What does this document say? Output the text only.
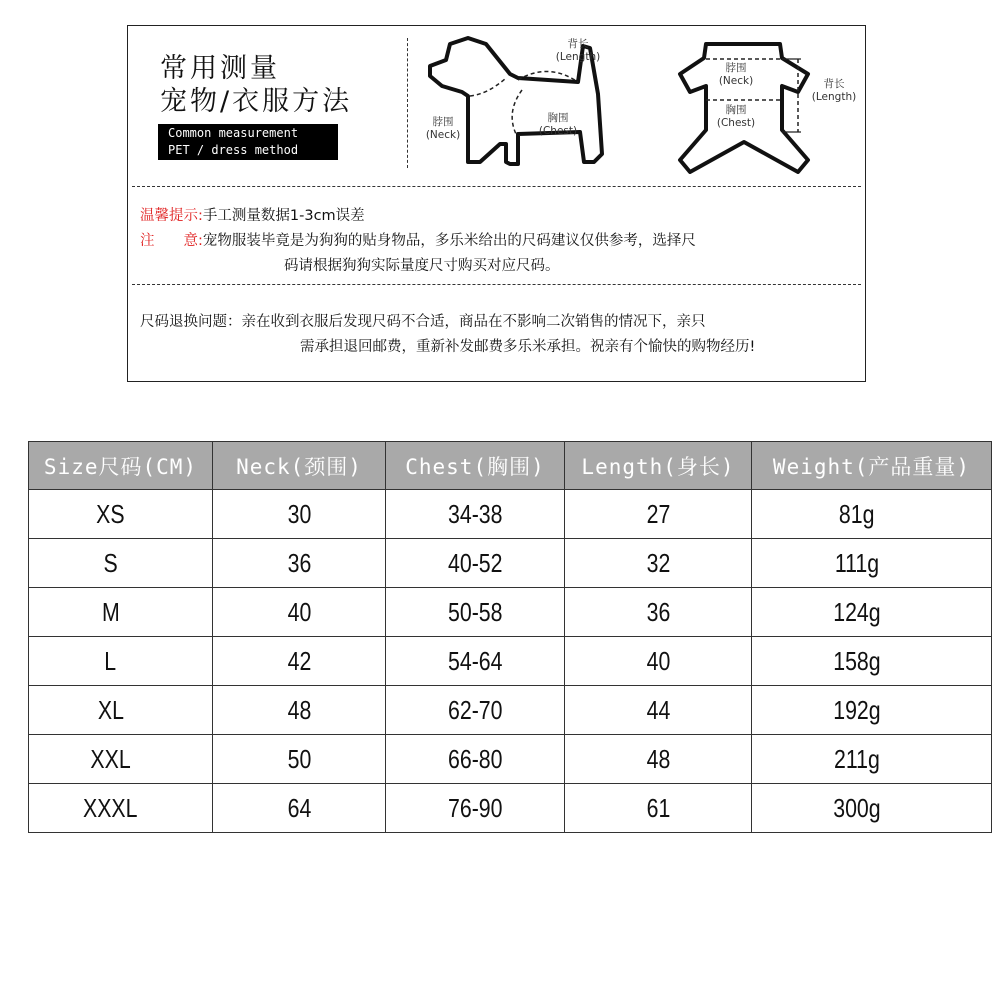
常用测量
宠物/衣服方法
Common measurement
PET / dress method
背长
(Length)
脖围
(Neck)
胸围
(Chest)
脖围
(Neck)
胸围
(Chest)
背长
(Length)
温馨提示:手工测量数据1-3cm误差
注　　意:宠物服装毕竟是为狗狗的贴身物品，多乐米给出的尺码建议仅供参考，选择尺
码请根据狗狗实际量度尺寸购买对应尺码。
尺码退换问题：亲在收到衣服后发现尺码不合适，商品在不影响二次销售的情况下，亲只
需承担退回邮费，重新补发邮费多乐米承担。祝亲有个愉快的购物经历!
Size尺码(CM)	Neck(颈围)	Chest(胸围)	Length(身长)	Weight(产品重量)
XS	30	34-38	27	81g
S	36	40-52	32	111g
M	40	50-58	36	124g
L	42	54-64	40	158g
XL	48	62-70	44	192g
XXL	50	66-80	48	211g
XXXL	64	76-90	61	300g
